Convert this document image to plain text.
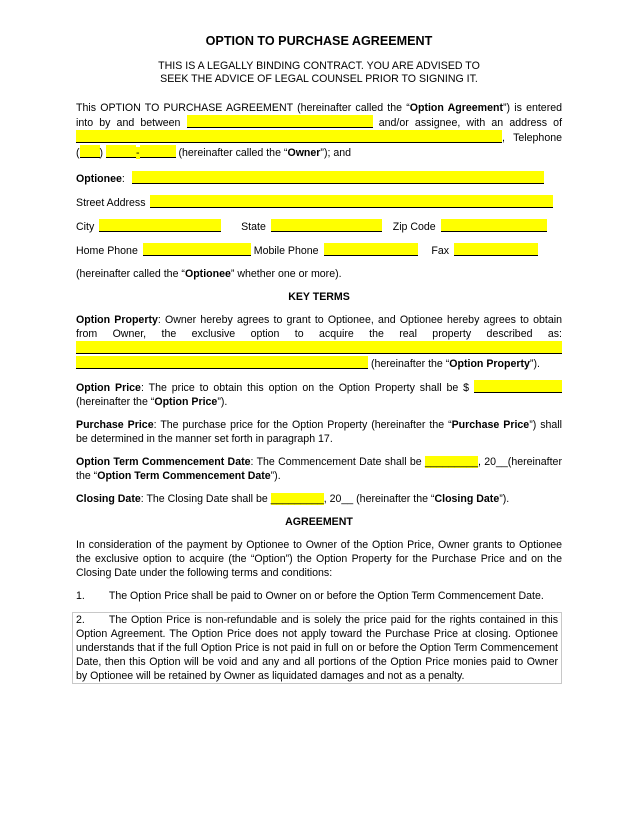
OPTION TO PURCHASE AGREEMENT
THIS IS A LEGALLY BINDING CONTRACT. YOU ARE ADVISED TO
SEEK THE ADVICE OF LEGAL COUNSEL PRIOR TO SIGNING IT.

This OPTION TO PURCHASE AGREEMENT (hereinafter called the “Option Agreement”) is entered into by and between	and/or assignee, with an address of , Telephone ( )	-	(hereinafter called the “Owner”); and

Optionee:

Street Address

City	State	Zip Code

Home Phone	Mobile Phone	Fax

(hereinafter called the “Optionee” whether one or more).

KEY TERMS

Option Property: Owner hereby agrees to grant to Optionee, and Optionee hereby agrees to obtain from Owner, the exclusive option to acquire the real property described as:   (hereinafter the “Option Property”).

Option Price: The price to obtain this option on the Option Property shall be $  (hereinafter the “Option Price”).

Purchase Price: The purchase price for the Option Property (hereinafter the “Purchase Price”) shall be determined in the manner set forth in paragraph 17.

Option Term Commencement Date: The Commencement Date shall be _________, 20__(hereinafter the “Option Term Commencement Date”).

Closing Date: The Closing Date shall be _________, 20__ (hereinafter the “Closing Date”).

AGREEMENT

In consideration of the payment by Optionee to Owner of the Option Price, Owner grants to Optionee the exclusive option to acquire (the “Option”) the Option Property for the Purchase Price and on the Closing Date under the following terms and conditions:

1. The Option Price shall be paid to Owner on or before the Option Term Commencement Date.

2. The Option Price is non-refundable and is solely the price paid for the rights contained in this Option Agreement. The Option Price does not apply toward the Purchase Price at closing. Optionee understands that if the full Option Price is not paid in full on or before the Option Term Commencement Date, then this Option will be void and any and all portions of the Option Price monies paid to Owner by Optionee will be retained by Owner as liquidated damages and not as a penalty.
